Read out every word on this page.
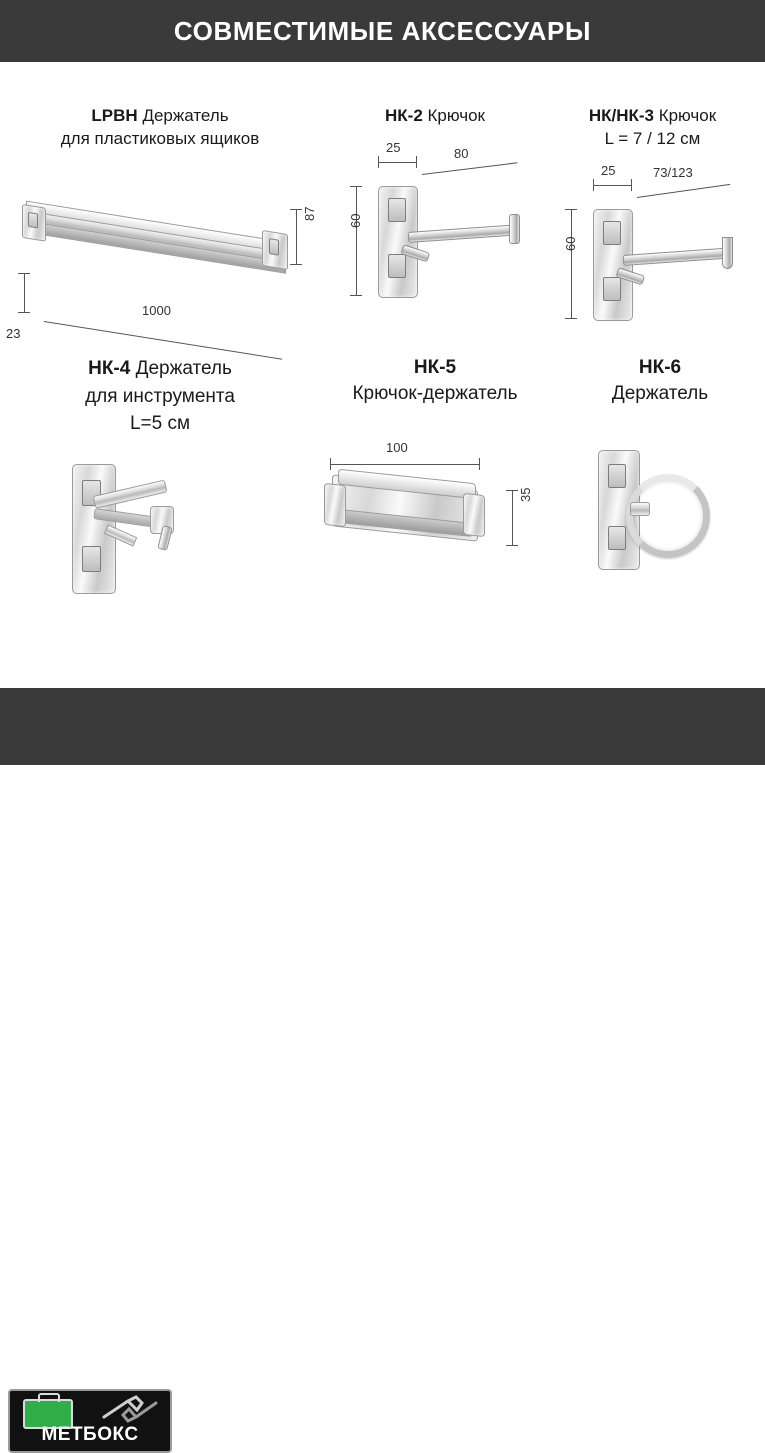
СОВМЕСТИМЫЕ АКСЕССУАРЫ
LPBH Держатель
для пластиковых ящиков
87
1000
23
НК-2 Крючок
25	80
60
НК/НК-3 Крючок
L = 7 / 12 см
25	73/123
60
НК-4 Держатель
для инструмента
L=5 см
НК-5
Крючок-держатель
100
35
НК-6
Держатель
МЕТБОКС
